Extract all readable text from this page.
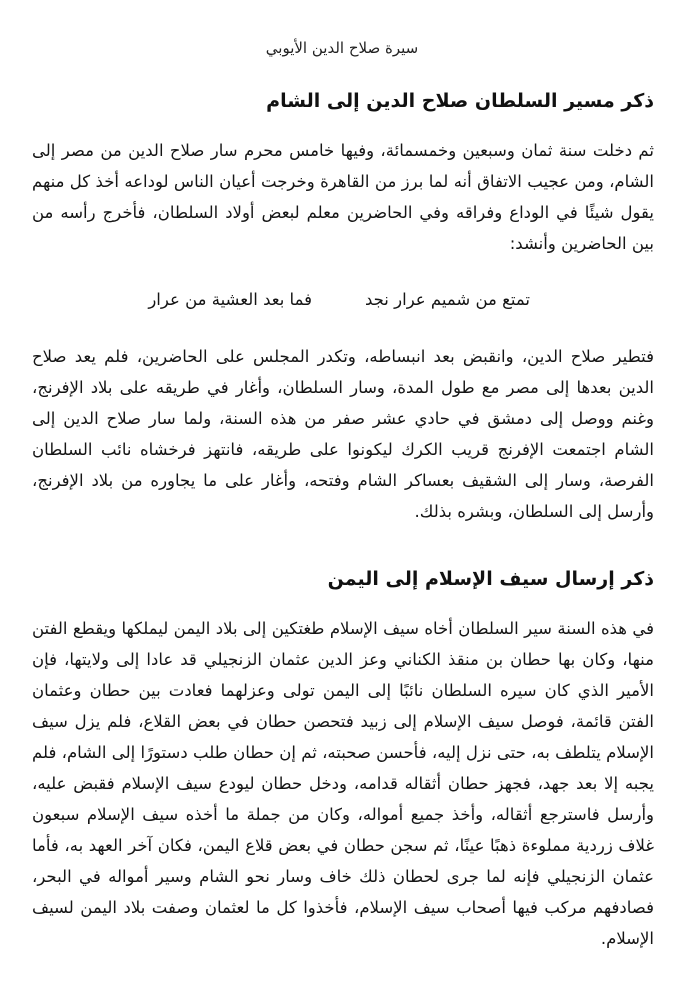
سيرة صلاح الدين الأيوبي
ذكر مسير السلطان صلاح الدين إلى الشام

ثم دخلت سنة ثمان وسبعين وخمسمائة، وفيها خامس محرم سار صلاح الدين من مصر إلى الشام، ومن عجيب الاتفاق أنه لما برز من القاهرة وخرجت أعيان الناس لوداعه أخذ كل منهم يقول شيئًا في الوداع وفراقه وفي الحاضرين معلم لبعض أولاد السلطان، فأخرج رأسه من بين الحاضرين وأنشد:

تمتع من شميم عرار نجد
فما بعد العشية من عرار

فتطير صلاح الدين، وانقبض بعد انبساطه، وتكدر المجلس على الحاضرين، فلم يعد صلاح الدين بعدها إلى مصر مع طول المدة، وسار السلطان، وأغار في طريقه على بلاد الإفرنج، وغنم ووصل إلى دمشق في حادي عشر صفر من هذه السنة، ولما سار صلاح الدين إلى الشام اجتمعت الإفرنج قريب الكرك ليكونوا على طريقه، فانتهز فرخشاه نائب السلطان الفرصة، وسار إلى الشقيف بعساكر الشام وفتحه، وأغار على ما يجاوره من بلاد الإفرنج، وأرسل إلى السلطان، وبشره بذلك.

ذكر إرسال سيف الإسلام إلى اليمن

في هذه السنة سير السلطان أخاه سيف الإسلام طغتكين إلى بلاد اليمن ليملكها ويقطع الفتن منها، وكان بها حطان بن منقذ الكناني وعز الدين عثمان الزنجيلي قد عادا إلى ولايتها، فإن الأمير الذي كان سيره السلطان نائبًا إلى اليمن تولى وعزلهما فعادت بين حطان وعثمان الفتن قائمة، فوصل سيف الإسلام إلى زبيد فتحصن حطان في بعض القلاع، فلم يزل سيف الإسلام يتلطف به، حتى نزل إليه، فأحسن صحبته، ثم إن حطان طلب دستورًا إلى الشام، فلم يجبه إلا بعد جهد، فجهز حطان أثقاله قدامه، ودخل حطان ليودع سيف الإسلام فقبض عليه، وأرسل فاسترجع أثقاله، وأخذ جميع أمواله، وكان من جملة ما أخذه سيف الإسلام سبعون غلاف زردية مملوءة ذهبًا عينًا، ثم سجن حطان في بعض قلاع اليمن، فكان آخر العهد به، فأما عثمان الزنجيلي فإنه لما جرى لحطان ذلك خاف وسار نحو الشام وسير أمواله في البحر، فصادفهم مركب فيها أصحاب سيف الإسلام، فأخذوا كل ما لعثمان وصفت بلاد اليمن لسيف الإسلام.
